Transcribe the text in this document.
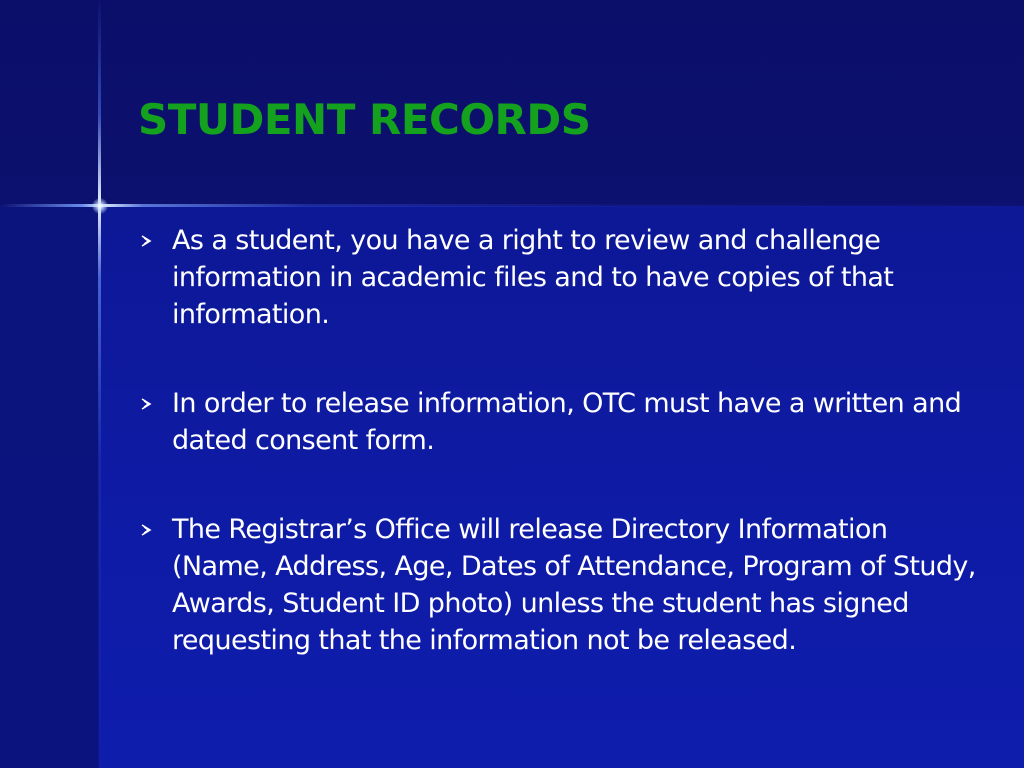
STUDENT RECORDS
As a student, you have a right to review and challenge information in academic files and to have copies of that information.
In order to release information, OTC must have a written and dated consent form.
The Registrar’s Office will release Directory Information (Name, Address, Age, Dates of Attendance, Program of Study, Awards, Student ID photo) unless the student has signed requesting that the information not be released.
